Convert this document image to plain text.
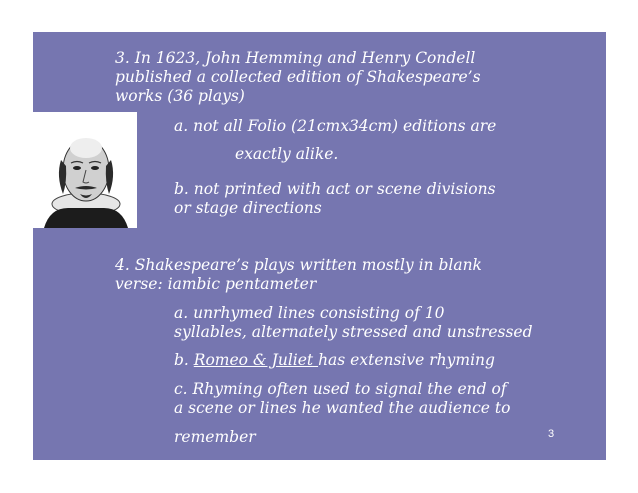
3. In 1623, John Hemming and Henry Condell

published a collected edition of Shakespeare’s

works (36 plays)

a. not all Folio (21cmx34cm) editions are

exactly alike.

b. not printed with act or scene divisions

or stage directions

4. Shakespeare’s plays written mostly in blank

verse: iambic pentameter

a. unrhymed lines consisting of 10

syllables, alternately stressed and unstressed

b. Romeo & Juliet has extensive rhyming

c. Rhyming often used to signal the end of

a scene or lines he wanted the audience to

remember	3
